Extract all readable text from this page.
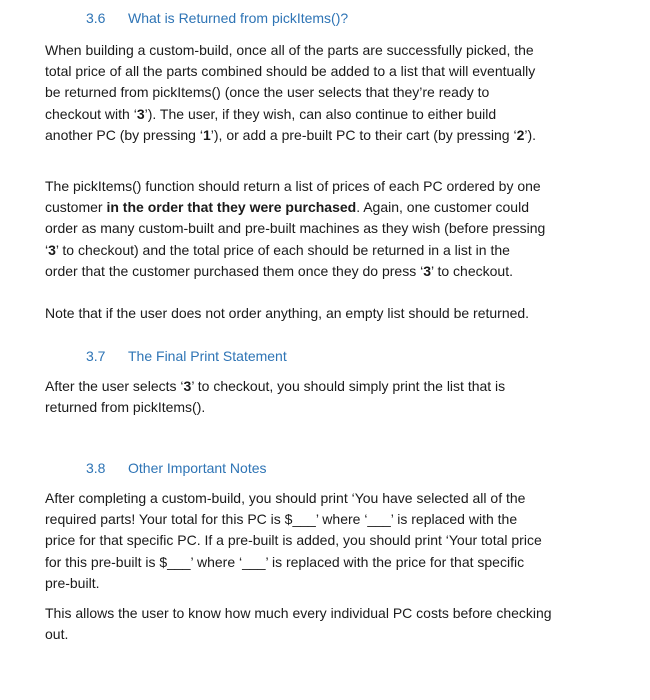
3.6 What is Returned from pickItems()?
When building a custom-build, once all of the parts are successfully picked, the
total price of all the parts combined should be added to a list that will eventually
be returned from pickItems() (once the user selects that they’re ready to
checkout with ‘3’). The user, if they wish, can also continue to either build
another PC (by pressing ‘1’), or add a pre-built PC to their cart (by pressing ‘2’).
The pickItems() function should return a list of prices of each PC ordered by one
customer in the order that they were purchased. Again, one customer could
order as many custom-built and pre-built machines as they wish (before pressing
‘3’ to checkout) and the total price of each should be returned in a list in the
order that the customer purchased them once they do press ‘3’ to checkout.
Note that if the user does not order anything, an empty list should be returned.
3.7 The Final Print Statement
After the user selects ‘3’ to checkout, you should simply print the list that is
returned from pickItems().
3.8 Other Important Notes
After completing a custom-build, you should print ‘You have selected all of the
required parts! Your total for this PC is $___’ where ‘___’ is replaced with the
price for that specific PC. If a pre-built is added, you should print ‘Your total price
for this pre-built is $___’ where ‘___’ is replaced with the price for that specific
pre-built.
This allows the user to know how much every individual PC costs before checking
out.
